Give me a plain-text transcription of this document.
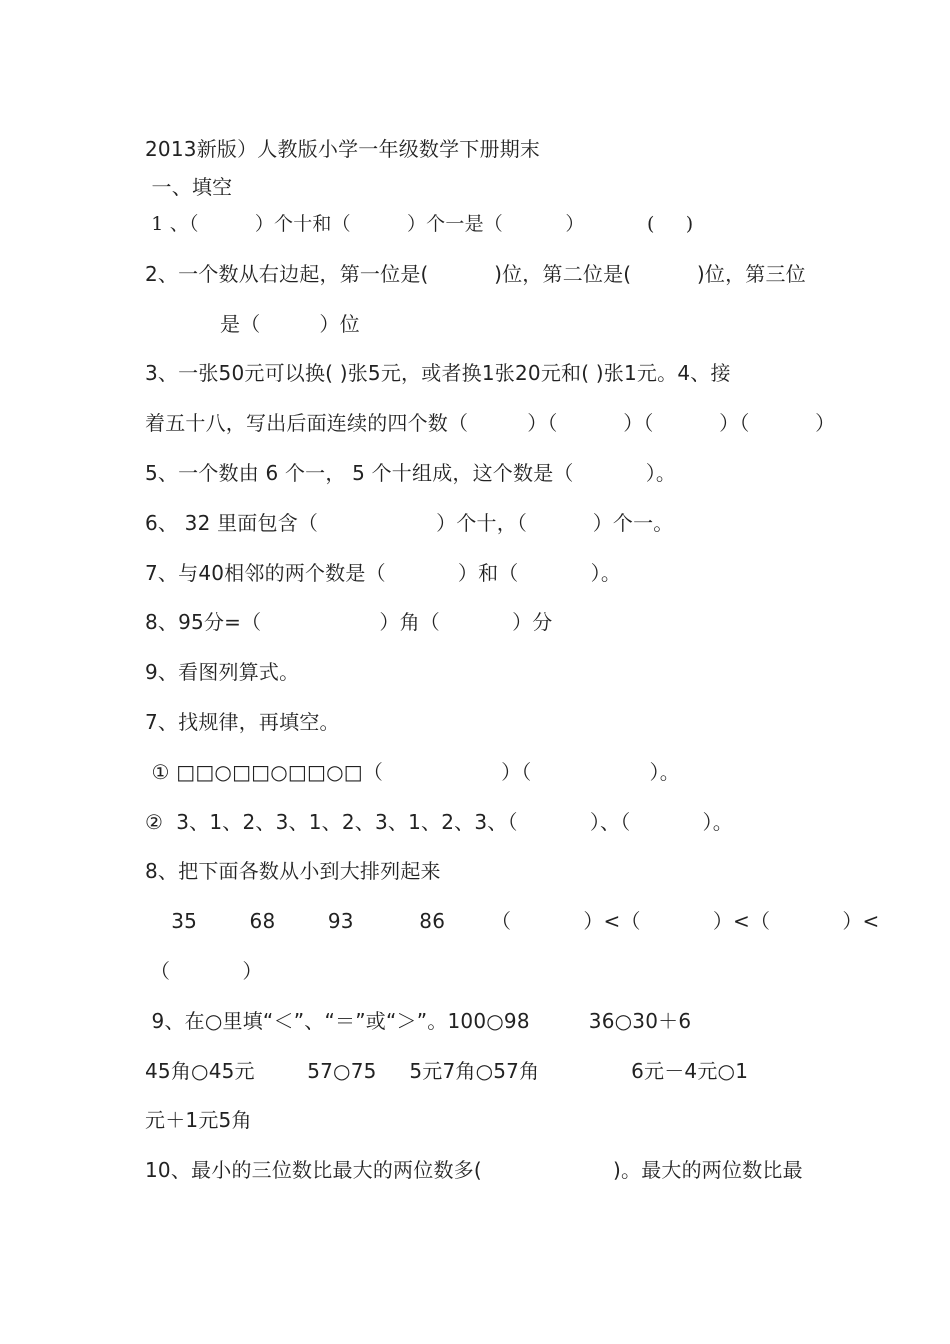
2013新版）人教版小学一年级数学下册期末
一、填空
1 、（         ）个十和（         ）个一是（          ）          (     )
2、一个数从右边起，第一位是(          )位，第二位是(          )位，第三位
是（         ）位
3、一张50元可以换( )张5元，或者换1张20元和( )张1元。4、接
着五十八，写出后面连续的四个数（         ）（          ）（          ）（          ）
5、一个数由 6 个一， 5 个十组成，这个数是（           ）。
6、 32 里面包含（                  ）个十，（          ）个一。
7、与40相邻的两个数是（           ）和（           ）。
8、95分=（                  ）角（           ）分
9、看图列算式。
7、找规律，再填空。
① □□○□□○□□○□（                  ）（                  ）。
②  3、1、2、3、1、2、3、1、2、3、（           ）、（           ）。
8、把下面各数从小到大排列起来
35        68        93          86       （           ）<（           ）<（           ）<
（           ）
9、在○里填“＜”、“＝”或“＞”。100○98         36○30＋6
45角○45元        57○75     5元7角○57角              6元－4元○1
元＋1元5角
10、最小的三位数比最大的两位数多(                    )。最大的两位数比最
